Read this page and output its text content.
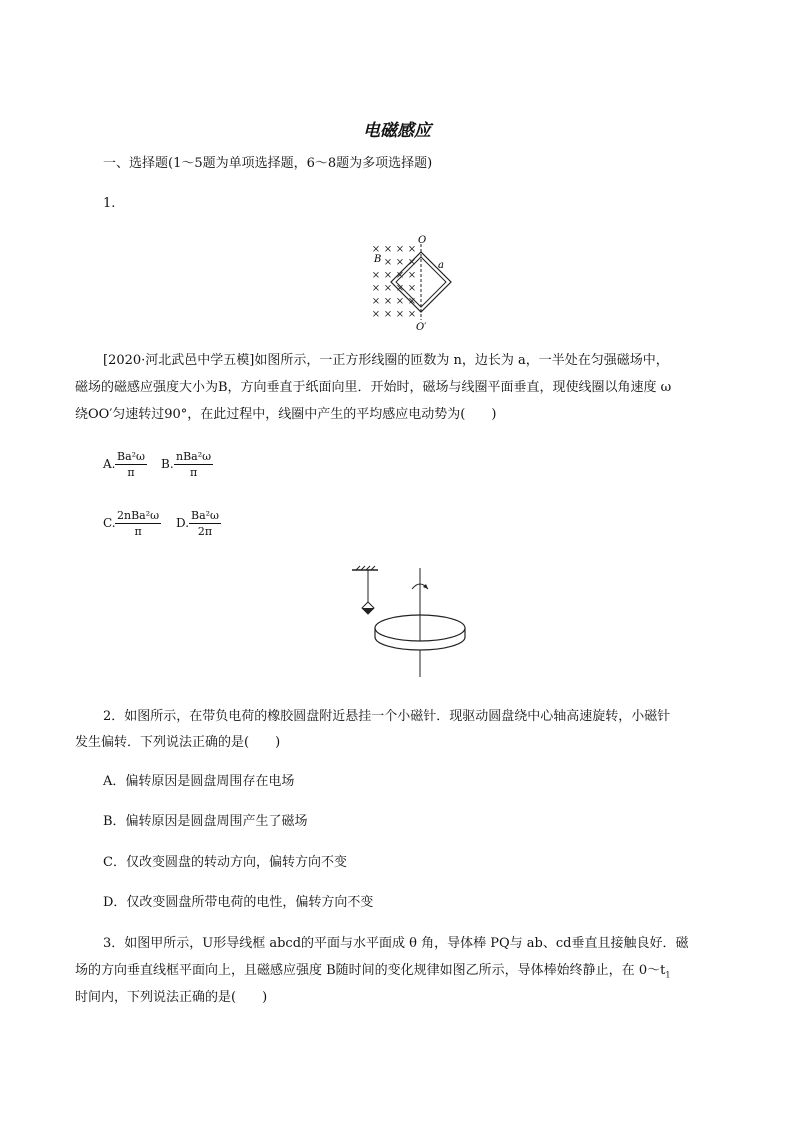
电磁感应
一、选择题(1～5题为单项选择题，6～8题为多项选择题)
1.
× × × ×
× × ×
× × × ×
× × × ×
× × × ×
× × × ×
O
B
a
O′
[2020·河北武邑中学五模]如图所示，一正方形线圈的匝数为 n，边长为 a，一半处在匀强磁场中，
磁场的磁感应强度大小为B，方向垂直于纸面向里．开始时，磁场与线圈平面垂直，现使线圈以角速度 ω
绕OO′匀速转过90°，在此过程中，线圈中产生的平均感应电动势为(　　)
A. $\frac{\text{Ba²ω}}{\pi} B$.
nBa²ω
π
C.
2nBa²ω
π
D. $\frac{\text{Ba²ω}}{2\pi}$
2．如图所示，在带负电荷的橡胶圆盘附近悬挂一个小磁针．现驱动圆盘绕中心轴高速旋转，小磁针
发生偏转．下列说法正确的是(　　)
A．偏转原因是圆盘周围存在电场
B．偏转原因是圆盘周围产生了磁场
C．仅改变圆盘的转动方向，偏转方向不变
D．仅改变圆盘所带电荷的电性，偏转方向不变
3．如图甲所示，U形导线框 abcd的平面与水平面成 θ 角，导体棒 PQ与 ab、cd垂直且接触良好．磁
场的方向垂直线框平面向上，且磁感应强度 B随时间的变化规律如图乙所示，导体棒始终静止，在 $0\sim t_1$
时间内，下列说法正确的是(　　)
